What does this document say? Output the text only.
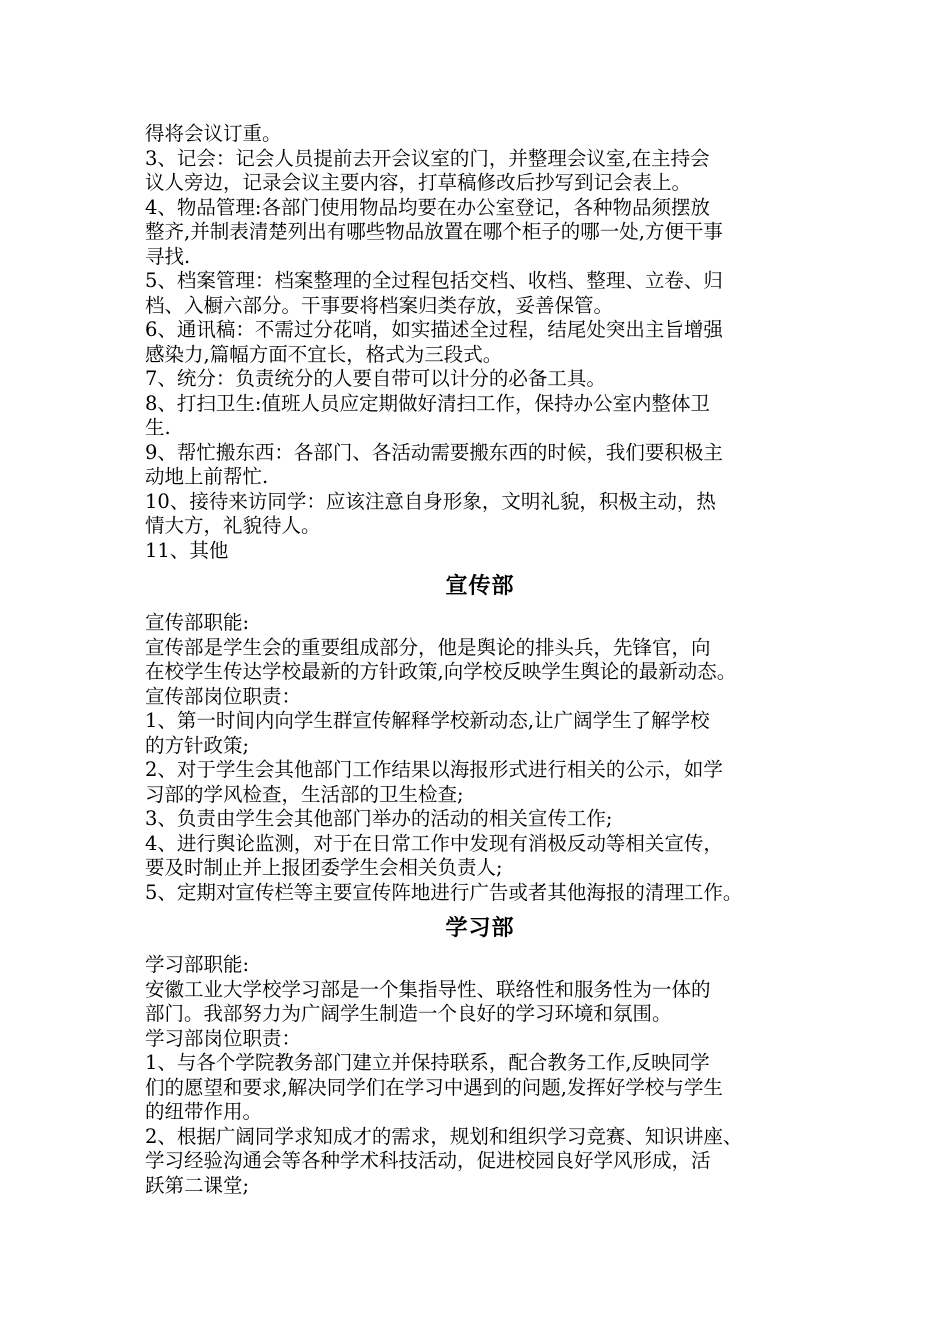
得将会议订重。

3、记会：记会人员提前去开会议室的门，并整理会议室,在主持会

议人旁边，记录会议主要内容，打草稿修改后抄写到记会表上。

4、物品管理:各部门使用物品均要在办公室登记，各种物品须摆放

整齐,并制表清楚列出有哪些物品放置在哪个柜子的哪一处,方便干事

寻找.

5、档案管理：档案整理的全过程包括交档、收档、整理、立卷、归

档、入橱六部分。干事要将档案归类存放，妥善保管。

6、通讯稿：不需过分花哨，如实描述全过程，结尾处突出主旨增强

感染力,篇幅方面不宜长，格式为三段式。

7、统分：负责统分的人要自带可以计分的必备工具。

8、打扫卫生:值班人员应定期做好清扫工作，保持办公室内整体卫

生.

9、帮忙搬东西：各部门、各活动需要搬东西的时候，我们要积极主

动地上前帮忙.

10、接待来访同学：应该注意自身形象，文明礼貌，积极主动，热

情大方，礼貌待人。

11、其他

宣传部

宣传部职能:

宣传部是学生会的重要组成部分，他是舆论的排头兵，先锋官，向

在校学生传达学校最新的方针政策,向学校反映学生舆论的最新动态。

宣传部岗位职责：

1、第一时间内向学生群宣传解释学校新动态,让广阔学生了解学校

的方针政策;

2、对于学生会其他部门工作结果以海报形式进行相关的公示，如学

习部的学风检查，生活部的卫生检查;

3、负责由学生会其他部门举办的活动的相关宣传工作;

4、进行舆论监测，对于在日常工作中发现有消极反动等相关宣传，

要及时制止并上报团委学生会相关负责人;

5、定期对宣传栏等主要宣传阵地进行广告或者其他海报的清理工作。

学习部

学习部职能:

安徽工业大学校学习部是一个集指导性、联络性和服务性为一体的

部门。我部努力为广阔学生制造一个良好的学习环境和氛围。

学习部岗位职责：

1、与各个学院教务部门建立并保持联系，配合教务工作,反映同学

们的愿望和要求,解决同学们在学习中遇到的问题,发挥好学校与学生

的纽带作用。

2、根据广阔同学求知成才的需求，规划和组织学习竞赛、知识讲座、

学习经验沟通会等各种学术科技活动，促进校园良好学风形成，活

跃第二课堂;
